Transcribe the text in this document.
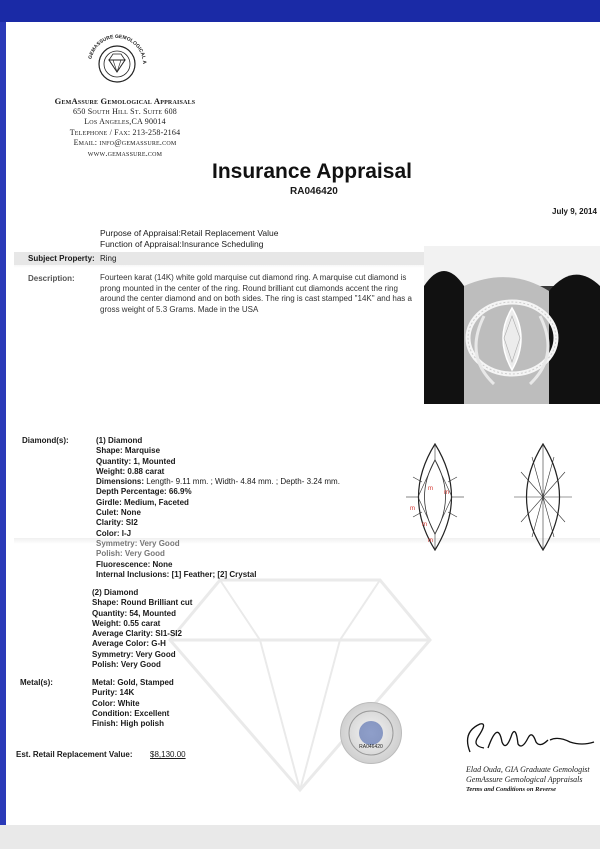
GEMASSURE GEMOLOGICAL A
GemAssure Gemological Appraisals
650 South Hill St. Suite 608
Los Angeles,CA 90014
Telephone / Fax: 213-258-2164
Email: info@gemassure.com
www.gemassure.com
Insurance Appraisal
RA046420
July 9, 2014
Purpose of Appraisal:Retail Replacement Value
Function of Appraisal:Insurance Scheduling
Subject Property: Ring
Description:	Fourteen karat (14K) white gold marquise cut diamond ring. A marquise cut diamond is prong mounted in the center of the ring. Round brilliant cut diamonds accent the ring around the center diamond and on both sides. The ring is cast stamped "14K" and has a gross weight of 5.3 Grams. Made in the USA
Diamond(s):	(1) Diamond
Shape: Marquise
Quantity: 1, Mounted
Weight: 0.88 carat
Dimensions: Length- 9.11 mm. ; Width- 4.84 mm. ; Depth- 3.24 mm.
Depth Percentage: 66.9%
Girdle: Medium, Faceted
Culet: None
Clarity: SI2
Color: I-J
Symmetry: Very Good
Polish: Very Good
Fluorescence: None
Internal Inclusions: [1] Feather; [2] Crystal
m
m
m
m
m
(2) Diamond
Shape: Round Brilliant cut
Quantity: 54, Mounted
Weight: 0.55 carat
Average Clarity: SI1-SI2
Average Color: G-H
Symmetry: Very Good
Polish: Very Good
Metal(s):	Metal: Gold, Stamped
Purity: 14K
Color: White
Condition: Excellent
Finish: High polish
RA046420
Est. Retail Replacement Value: $8,130.00
Elad Ouda, GIA Graduate Gemologist
GemAssure Gemological Appraisals
Terms and Conditions on Reverse
